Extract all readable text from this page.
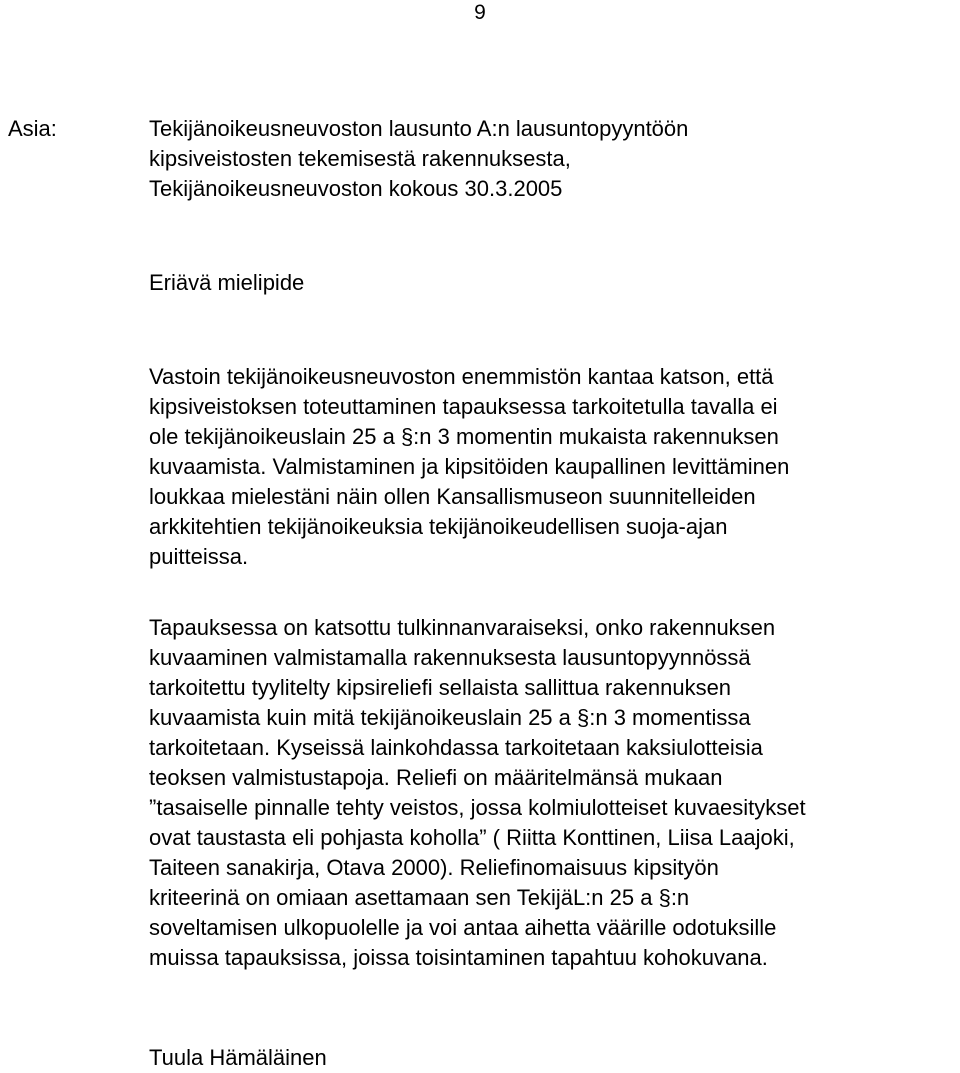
9
Asia:	Tekijänoikeusneuvoston lausunto A:n lausuntopyyntöön
kipsiveistosten tekemisestä rakennuksesta,
Tekijänoikeusneuvoston kokous 30.3.2005
Eriävä mielipide
Vastoin tekijänoikeusneuvoston enemmistön kantaa katson, että
kipsiveistoksen toteuttaminen tapauksessa tarkoitetulla tavalla ei
ole tekijänoikeuslain 25 a §:n 3 momentin mukaista rakennuksen
kuvaamista. Valmistaminen ja kipsitöiden kaupallinen levittäminen
loukkaa mielestäni näin ollen Kansallismuseon suunnitelleiden
arkkitehtien tekijänoikeuksia tekijänoikeudellisen suoja-ajan
puitteissa.
Tapauksessa on katsottu tulkinnanvaraiseksi, onko rakennuksen
kuvaaminen valmistamalla rakennuksesta lausuntopyynnössä
tarkoitettu tyylitelty kipsireliefi sellaista sallittua rakennuksen
kuvaamista kuin mitä tekijänoikeuslain 25 a §:n 3 momentissa
tarkoitetaan. Kyseissä lainkohdassa tarkoitetaan kaksiulotteisia
teoksen valmistustapoja. Reliefi on määritelmänsä mukaan
”tasaiselle pinnalle tehty veistos, jossa kolmiulotteiset kuvaesitykset
ovat taustasta eli pohjasta koholla” ( Riitta Konttinen, Liisa Laajoki,
Taiteen sanakirja, Otava 2000). Reliefinomaisuus kipsityön
kriteerinä on omiaan asettamaan sen TekijäL:n 25 a §:n
soveltamisen ulkopuolelle ja voi antaa aihetta väärille odotuksille
muissa tapauksissa, joissa toisintaminen tapahtuu kohokuvana.
Tuula Hämäläinen
